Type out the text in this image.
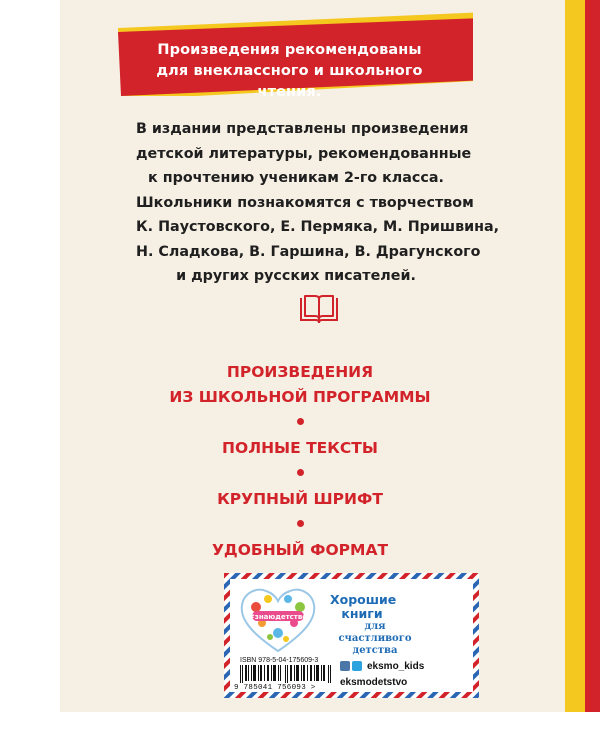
Произведения рекомендованы
для внеклассного и школьного чтения.
В издании представлены произведения
детской литературы, рекомендованные
к прочтению ученикам 2-го класса.
Школьники познакомятся с творчеством
К. Паустовского, Е. Пермяка, М. Пришвина,
Н. Сладкова, В. Гаршина, В. Драгунского
и других русских писателей.
ПРОИЗВЕДЕНИЯ
ИЗ ШКОЛЬНОЙ ПРОГРАММЫ
ПОЛНЫЕ ТЕКСТЫ
КРУПНЫЙ ШРИФТ
УДОБНЫЙ ФОРМАТ
#знаюдетство
Хорошие
книги
для счастливого
детства
ISBN 978-5-04-175609-3
9 785041 756093 >
eksmo_kids
eksmodetstvo
